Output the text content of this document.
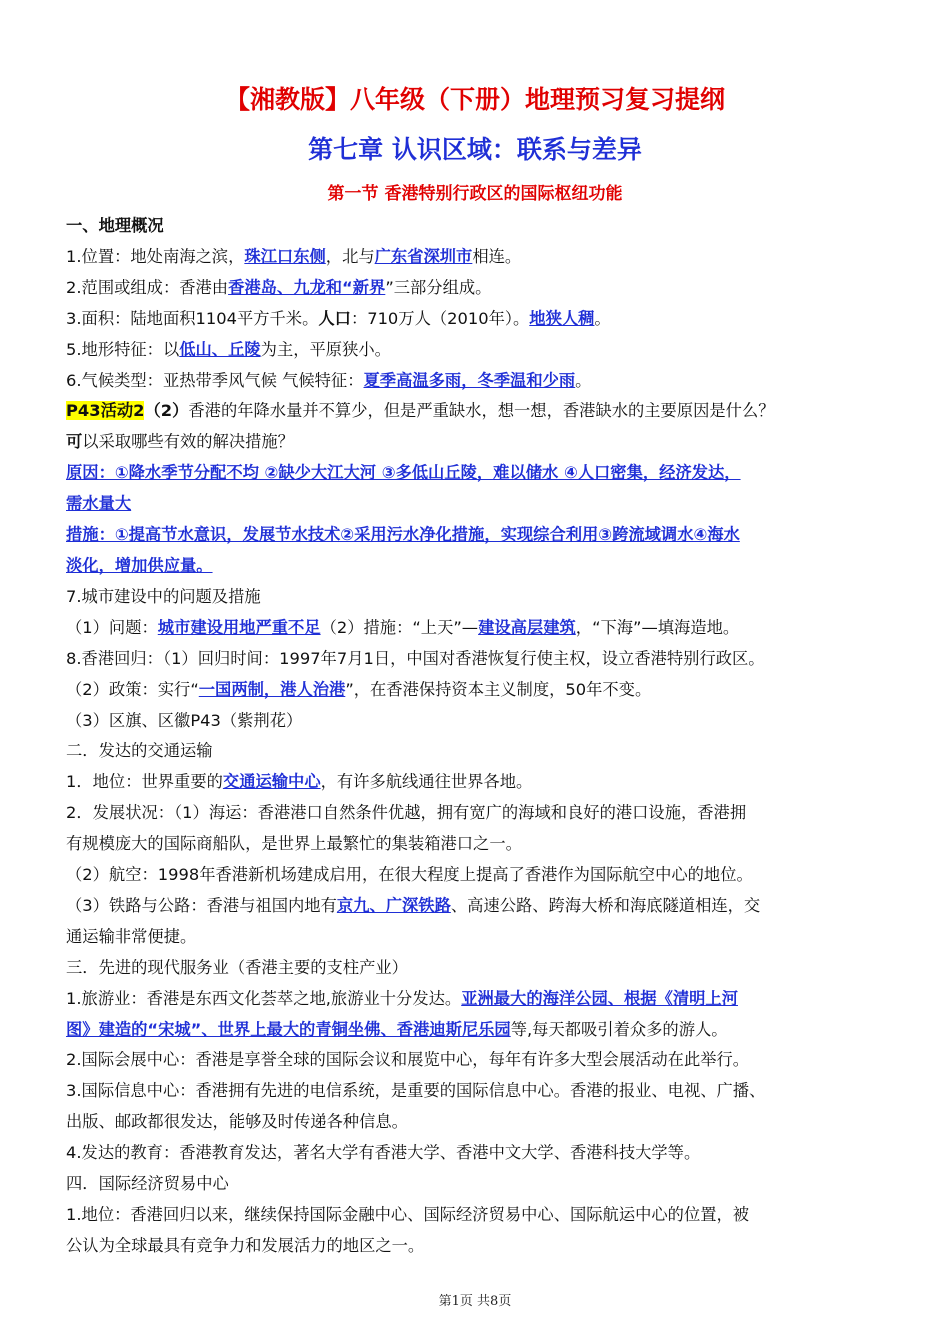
【湘教版】八年级（下册）地理预习复习提纲
第七章 认识区域：联系与差异
第一节 香港特别行政区的国际枢纽功能
一、地理概况
1.位置：地处南海之滨，珠江口东侧，北与广东省深圳市相连。
2.范围或组成：香港由香港岛、九龙和“新界”三部分组成。
3.面积：陆地面积1104平方千米。人口：710万人（2010年）。地狭人稠。
5.地形特征：以低山、丘陵为主，平原狭小。
6.气候类型：亚热带季风气候 气候特征：夏季高温多雨，冬季温和少雨。
P43活动2（2）香港的年降水量并不算少，但是严重缺水，想一想，香港缺水的主要原因是什么？
可以采取哪些有效的解决措施？
原因：①降水季节分配不均 ②缺少大江大河 ③多低山丘陵，难以储水 ④人口密集，经济发达，
需水量大
措施：①提高节水意识，发展节水技术②采用污水净化措施，实现综合利用③跨流域调水④海水
淡化，增加供应量。
7.城市建设中的问题及措施
（1）问题：城市建设用地严重不足（2）措施：“上天”—建设高层建筑，“下海”—填海造地。
8.香港回归：（1）回归时间：1997年7月1日，中国对香港恢复行使主权，设立香港特别行政区。
（2）政策：实行“一国两制，港人治港”，在香港保持资本主义制度，50年不变。
（3）区旗、区徽P43（紫荆花）
二．发达的交通运输
1．地位：世界重要的交通运输中心，有许多航线通往世界各地。
2．发展状况：（1）海运：香港港口自然条件优越，拥有宽广的海域和良好的港口设施，香港拥
有规模庞大的国际商船队，是世界上最繁忙的集装箱港口之一。
（2）航空：1998年香港新机场建成启用，在很大程度上提高了香港作为国际航空中心的地位。
（3）铁路与公路：香港与祖国内地有京九、广深铁路、高速公路、跨海大桥和海底隧道相连，交
通运输非常便捷。
三．先进的现代服务业（香港主要的支柱产业）
1.旅游业：香港是东西文化荟萃之地,旅游业十分发达。亚洲最大的海洋公园、根据《清明上河
图》建造的“宋城”、世界上最大的青铜坐佛、香港迪斯尼乐园等,每天都吸引着众多的游人。
2.国际会展中心：香港是享誉全球的国际会议和展览中心，每年有许多大型会展活动在此举行。
3.国际信息中心：香港拥有先进的电信系统，是重要的国际信息中心。香港的报业、电视、广播、
出版、邮政都很发达，能够及时传递各种信息。
4.发达的教育：香港教育发达，著名大学有香港大学、香港中文大学、香港科技大学等。
四．国际经济贸易中心
1.地位：香港回归以来，继续保持国际金融中心、国际经济贸易中心、国际航运中心的位置，被
公认为全球最具有竞争力和发展活力的地区之一。
第1页 共8页
